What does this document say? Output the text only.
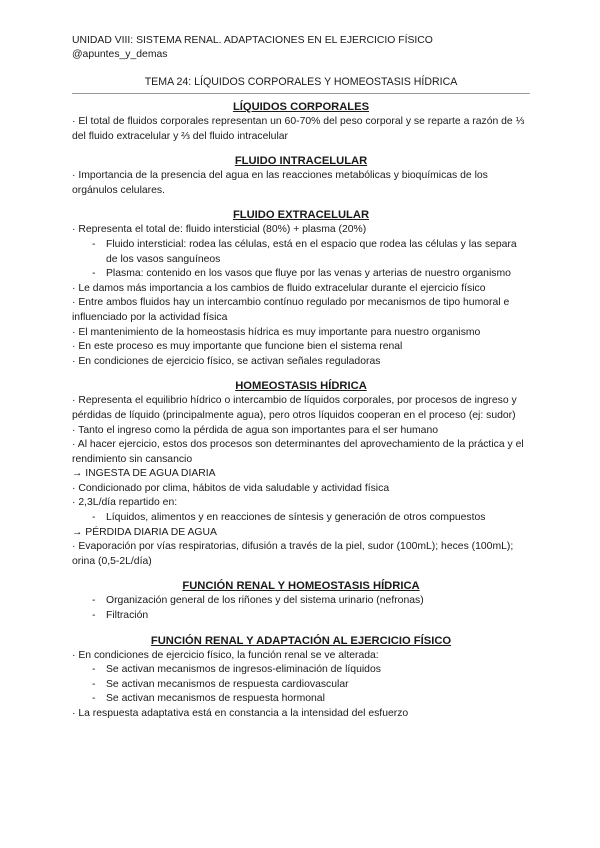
UNIDAD VIII: SISTEMA RENAL. ADAPTACIONES EN EL EJERCICIO FÍSICO
@apuntes_y_demas
TEMA 24: LÍQUIDOS CORPORALES Y HOMEOSTASIS HÍDRICA
LÍQUIDOS CORPORALES

· El total de fluidos corporales representan un 60-70% del peso corporal y se reparte a razón de ⅓ del fluido extracelular y ⅔ del fluido intracelular

FLUIDO INTRACELULAR

· Importancia de la presencia del agua en las reacciones metabólicas y bioquímicas de los orgánulos celulares.

FLUIDO EXTRACELULAR

· Representa el total de: fluido intersticial (80%) + plasma (20%)

- Fluido intersticial: rodea las células, está en el espacio que rodea las células y las separa de los vasos sanguíneos
- Plasma: contenido en los vasos que fluye por las venas y arterias de nuestro organismo

· Le damos más importancia a los cambios de fluido extracelular durante el ejercicio físico

· Entre ambos fluidos hay un intercambio contínuo regulado por mecanismos de tipo humoral e influenciado por la actividad física

· El mantenimiento de la homeostasis hídrica es muy importante para nuestro organismo

· En este proceso es muy importante que funcione bien el sistema renal

· En condiciones de ejercicio físico, se activan señales reguladoras

HOMEOSTASIS HÍDRICA

· Representa el equilibrio hídrico o intercambio de líquidos corporales, por procesos de ingreso y pérdidas de líquido (principalmente agua), pero otros líquidos cooperan en el proceso (ej: sudor)

· Tanto el ingreso como la pérdida de agua son importantes para el ser humano

· Al hacer ejercicio, estos dos procesos son determinantes del aprovechamiento de la práctica y el rendimiento sin cansancio

→ INGESTA DE AGUA DIARIA

· Condicionado por clima, hábitos de vida saludable y actividad física

· 2,3L/día repartido en:

- Líquidos, alimentos y en reacciones de síntesis y generación de otros compuestos

→ PÉRDIDA DIARIA DE AGUA

· Evaporación por vías respiratorias, difusión a través de la piel, sudor (100mL); heces (100mL); orina (0,5-2L/día)

FUNCIÓN RENAL Y HOMEOSTASIS HÍDRICA
- Organización general de los riñones y del sistema urinario (nefronas)
- Filtración
FUNCIÓN RENAL Y ADAPTACIÓN AL EJERCICIO FÍSICO

· En condiciones de ejercicio físico, la función renal se ve alterada:

- Se activan mecanismos de ingresos-eliminación de líquidos
- Se activan mecanismos de respuesta cardiovascular
- Se activan mecanismos de respuesta hormonal

· La respuesta adaptativa está en constancia a la intensidad del esfuerzo
